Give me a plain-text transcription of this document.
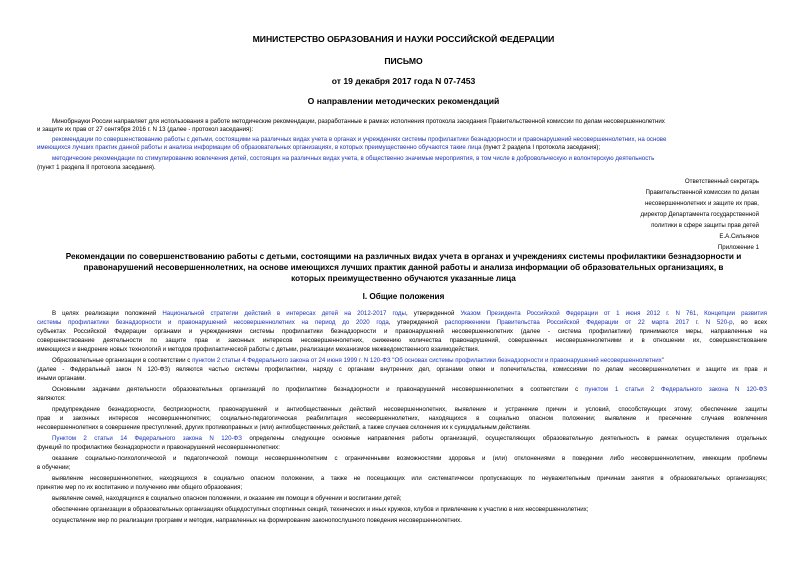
МИНИСТЕРСТВО ОБРАЗОВАНИЯ И НАУКИ РОССИЙСКОЙ ФЕДЕРАЦИИ
ПИСЬМО
от 19 декабря 2017 года N 07-7453
О направлении методических рекомендаций
Минобрнауки России направляет для использования в работе методические рекомендации, разработанные в рамках исполнения протокола заседания Правительственной комиссии по делам несовершеннолетних
и защите их прав от 27 сентября 2016 г. N 13 (далее - протокол заседания):
рекомендации по совершенствованию работы с детьми, состоящими на различных видах учета в органах и учреждениях системы профилактики безнадзорности и правонарушений несовершеннолетних, на основе
имеющихся лучших практик данной работы и анализа информации об образовательных организациях, в которых преимущественно обучаются такие лица (пункт 2 раздела I протокола заседания);
методические рекомендации по стимулированию вовлечения детей, состоящих на различных видах учета, в общественно значимые мероприятия, в том числе в добровольческую и волонтерскую деятельность
(пункт 1 раздела II протокола заседания).
Ответственный секретарь
Правительственной комиссии по делам
несовершеннолетних и защите их прав,
директор Департамента государственной
политики в сфере защиты прав детей
Е.А.Сильянов
Приложение 1
Рекомендации по совершенствованию работы с детьми, состоящими на различных видах учета в органах и учреждениях системы профилактики безнадзорности и
правонарушений несовершеннолетних, на основе имеющихся лучших практик данной работы и анализа информации об образовательных организациях, в
которых преимущественно обучаются указанные лица
I. Общие положения
В целях реализации положений Национальной стратегии действий в интересах детей на 2012-2017 годы, утвержденной Указом Президента Российской Федерации от 1 июня 2012 г. N 761, Концепции развития
системы профилактики безнадзорности и правонарушений несовершеннолетних на период до 2020 года, утвержденной распоряжением Правительства Российской Федерации от 22 марта 2017 г. N 520-р, во всех
субъектах Российской Федерации органами и учреждениями системы профилактики безнадзорности и правонарушений несовершеннолетних (далее - система профилактики) принимаются меры, направленные на
совершенствование деятельности по защите прав и законных интересов несовершеннолетних, снижению количества правонарушений, совершенных несовершеннолетними и в отношении их, совершенствование
имеющихся и внедрение новых технологий и методов профилактической работы с детьми, реализации механизмов межведомственного взаимодействия.
Образовательные организации в соответствии с пунктом 2 статьи 4 Федерального закона от 24 июня 1999 г. N 120-ФЗ "Об основах системы профилактики безнадзорности и правонарушений несовершеннолетних"
(далее - Федеральный закон N 120-ФЗ) являются частью системы профилактики, наряду с органами внутренних дел, органами опеки и попечительства, комиссиями по делам несовершеннолетних и защите их прав и
иными органами.
Основными задачами деятельности образовательных организаций по профилактике безнадзорности и правонарушений несовершеннолетних в соответствии с пунктом 1 статьи 2 Федерального закона N 120-ФЗ
являются:
предупреждение безнадзорности, беспризорности, правонарушений и антиобщественных действий несовершеннолетних, выявление и устранение причин и условий, способствующих этому; обеспечение защиты
прав и законных интересов несовершеннолетних; социально-педагогическая реабилитация несовершеннолетних, находящихся в социально опасном положении; выявление и пресечение случаев вовлечения
несовершеннолетних в совершение преступлений, других противоправных и (или) антиобщественных действий, а также случаев склонения их к суицидальным действиям.
Пунктом 2 статьи 14 Федерального закона N 120-ФЗ определены следующие основные направления работы организаций, осуществляющих образовательную деятельность в рамках осуществления отдельных
функций по профилактике безнадзорности и правонарушений несовершеннолетних:
оказание социально-психологической и педагогической помощи несовершеннолетним с ограниченными возможностями здоровья и (или) отклонениями в поведении либо несовершеннолетним, имеющим проблемы
в обучении;
выявление несовершеннолетних, находящихся в социально опасном положении, а также не посещающих или систематически пропускающих по неуважительным причинам занятия в образовательных организациях;
принятие мер по их воспитанию и получению ими общего образования;
выявление семей, находящихся в социально опасном положении, и оказание им помощи в обучении и воспитании детей;
обеспечение организации в образовательных организациях общедоступных спортивных секций, технических и иных кружков, клубов и привлечение к участию в них несовершеннолетних;
осуществление мер по реализации программ и методик, направленных на формирование законопослушного поведения несовершеннолетних.
